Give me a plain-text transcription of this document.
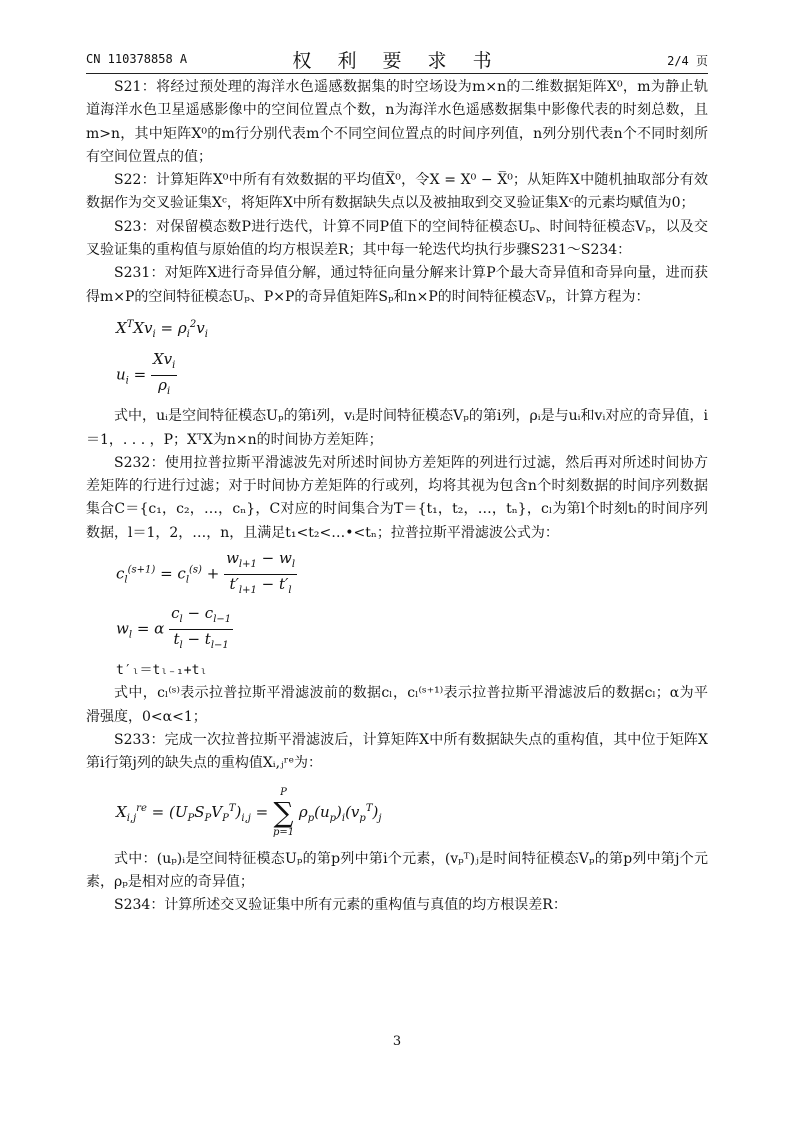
CN 110378858 A	权 利 要 求 书	2/4 页

S21：将经过预处理的海洋水色遥感数据集的时空场设为m×n的二维数据矩阵X⁰，m为静止轨道海洋水色卫星遥感影像中的空间位置点个数，n为海洋水色遥感数据集中影像代表的时刻总数，且m>n，其中矩阵X⁰的m行分别代表m个不同空间位置点的时间序列值，n列分别代表n个不同时刻所有空间位置点的值；

S22：计算矩阵X⁰中所有有效数据的平均值X̅⁰，令X = X⁰ − X̅⁰；从矩阵X中随机抽取部分有效数据作为交叉验证集Xᶜ，将矩阵X中所有数据缺失点以及被抽取到交叉验证集Xᶜ的元素均赋值为0；

S23：对保留模态数P进行迭代，计算不同P值下的空间特征模态Uₚ、时间特征模态Vₚ，以及交叉验证集的重构值与原始值的均方根误差R；其中每一轮迭代均执行步骤S231～S234：

S231：对矩阵X进行奇异值分解，通过特征向量分解来计算P个最大奇异值和奇异向量，进而获得m×P的空间特征模态Uₚ、P×P的奇异值矩阵Sₚ和n×P的时间特征模态Vₚ，计算方程为：

$X^TXv_i = \rho_i^2v_i$
$u_i = \frac{Xv_i}{\rho_i}$

式中，uᵢ是空间特征模态Uₚ的第i列，vᵢ是时间特征模态Vₚ的第i列，ρᵢ是与uᵢ和vᵢ对应的奇异值，i＝1，. . . ，P；XᵀX为n×n的时间协方差矩阵；

S232：使用拉普拉斯平滑滤波先对所述时间协方差矩阵的列进行过滤，然后再对所述时间协方差矩阵的行进行过滤；对于时间协方差矩阵的行或列，均将其视为包含n个时刻数据的时间序列数据集合C＝{c₁，c₂，…，cₙ}，C对应的时间集合为T＝{t₁，t₂，…，tₙ}，cₗ为第l个时刻tₗ的时间序列数据，l＝1，2，…，n，且满足t₁<t₂<…•<tₙ；拉普拉斯平滑滤波公式为：

$c_l^{(s+1)} = c_l^{(s)} + \frac{w_{l+1} - w_l}{t'_{l+1} - t'_l}$
$w_l = \alpha \frac{c_l - c_{l-1}}{t_l - t_{l-1}}$

t′ₗ＝tₗ₋₁+tₗ

式中，cₗ⁽ˢ⁾表示拉普拉斯平滑滤波前的数据cₗ，cₗ⁽ˢ⁺¹⁾表示拉普拉斯平滑滤波后的数据cₗ；α为平滑强度，0<α<1；

S233：完成一次拉普拉斯平滑滤波后，计算矩阵X中所有数据缺失点的重构值，其中位于矩阵X第i行第j列的缺失点的重构值Xᵢ,ⱼʳᵉ为：

$X_{i,j}re = (U_PS_PV_P^T)_{i,j}$ =
P
∑
p=1
$\rho_p(u_p)_i(v_p^T)_j$

式中：(uₚ)ᵢ是空间特征模态Uₚ的第p列中第i个元素，(vₚᵀ)ⱼ是时间特征模态Vₚ的第p列中第j个元素，ρₚ是相对应的奇异值；

S234：计算所述交叉验证集中所有元素的重构值与真值的均方根误差R：

3
